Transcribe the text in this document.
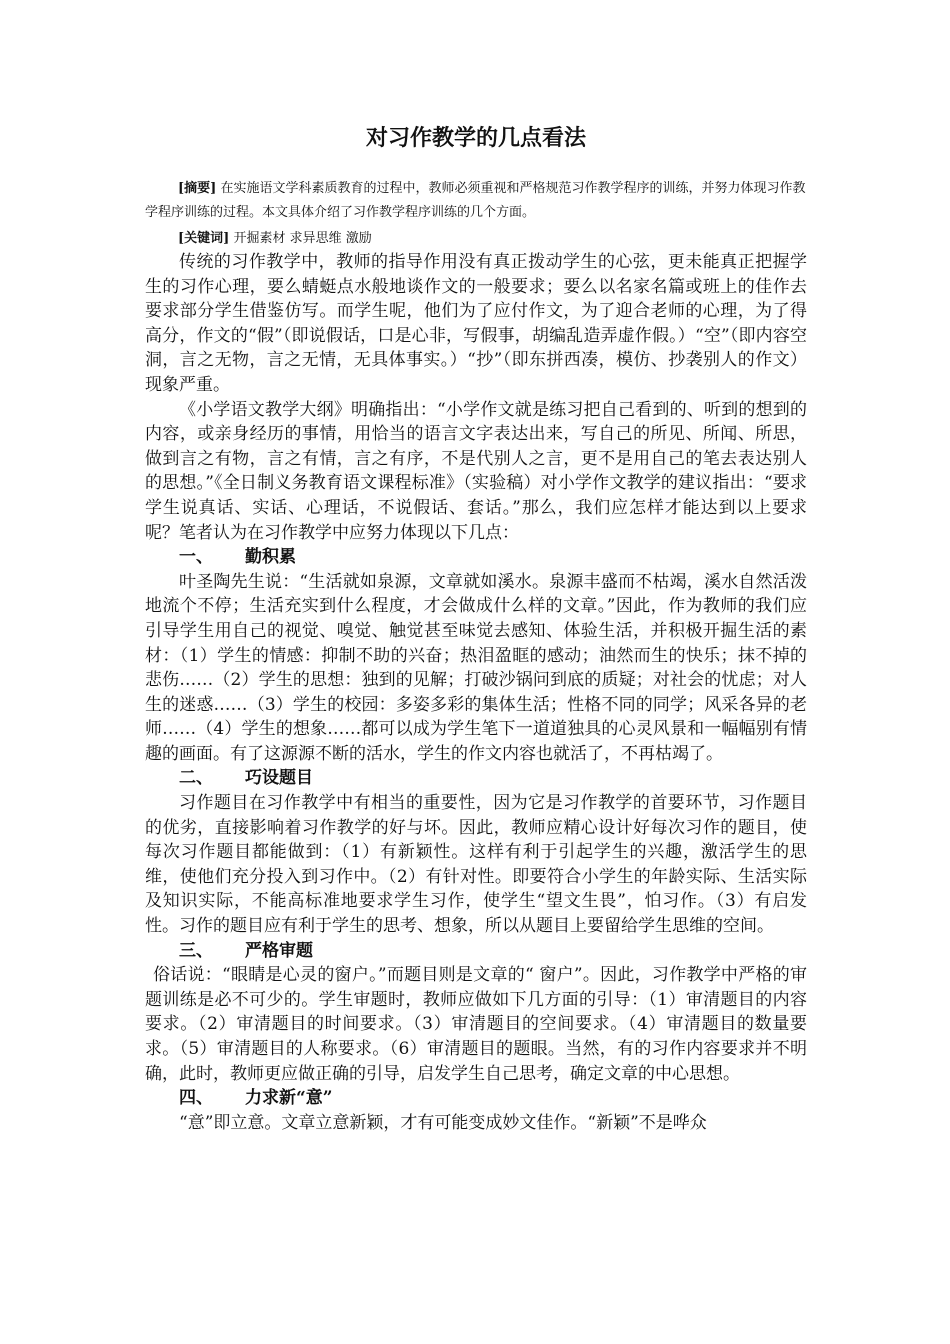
对习作教学的几点看法

[摘要] 在实施语文学科素质教育的过程中，教师必须重视和严格规范习作教学程序的训练，并努力体现习作教学程序训练的过程。本文具体介绍了习作教学程序训练的几个方面。

[关键词] 开掘素材 求异思维 激励

传统的习作教学中，教师的指导作用没有真正拨动学生的心弦，更未能真正把握学生的习作心理，要么蜻蜓点水般地谈作文的一般要求；要么以名家名篇或班上的佳作去要求部分学生借鉴仿写。而学生呢，他们为了应付作文，为了迎合老师的心理，为了得高分，作文的“假”（即说假话，口是心非，写假事，胡编乱造弄虚作假。）“空”（即内容空洞，言之无物，言之无情，无具体事实。）“抄”（即东拼西凑，模仿、抄袭别人的作文）现象严重。

《小学语文教学大纲》明确指出：“小学作文就是练习把自己看到的、听到的想到的内容，或亲身经历的事情，用恰当的语言文字表达出来，写自己的所见、所闻、所思，做到言之有物，言之有情，言之有序，不是代别人之言，更不是用自己的笔去表达别人的思想。”《全日制义务教育语文课程标准》（实验稿）对小学作文教学的建议指出：“要求学生说真话、实话、心理话，不说假话、套话。”那么，我们应怎样才能达到以上要求呢？笔者认为在习作教学中应努力体现以下几点：

一、 勤积累

叶圣陶先生说：“生活就如泉源，文章就如溪水。泉源丰盛而不枯竭，溪水自然活泼地流个不停；生活充实到什么程度，才会做成什么样的文章。”因此，作为教师的我们应引导学生用自己的视觉、嗅觉、触觉甚至味觉去感知、体验生活，并积极开掘生活的素材：（1）学生的情感：抑制不助的兴奋；热泪盈眶的感动；油然而生的快乐；抹不掉的悲伤……（2）学生的思想：独到的见解；打破沙锅问到底的质疑；对社会的忧虑；对人生的迷惑……（3）学生的校园：多姿多彩的集体生活；性格不同的同学；风采各异的老师……（4）学生的想象……都可以成为学生笔下一道道独具的心灵风景和一幅幅别有情趣的画面。有了这源源不断的活水，学生的作文内容也就活了，不再枯竭了。

二、 巧设题目

习作题目在习作教学中有相当的重要性，因为它是习作教学的首要环节，习作题目的优劣，直接影响着习作教学的好与坏。因此，教师应精心设计好每次习作的题目，使每次习作题目都能做到：（1）有新颖性。这样有利于引起学生的兴趣，激活学生的思维，使他们充分投入到习作中。（2）有针对性。即要符合小学生的年龄实际、生活实际及知识实际，不能高标准地要求学生习作，使学生“望文生畏”，怕习作。（3）有启发性。习作的题目应有利于学生的思考、想象，所以从题目上要留给学生思维的空间。

三、 严格审题

俗话说：“眼睛是心灵的窗户。”而题目则是文章的“ 窗户”。因此，习作教学中严格的审题训练是必不可少的。学生审题时，教师应做如下几方面的引导：（1）审清题目的内容要求。（2）审清题目的时间要求。（3）审清题目的空间要求。（4）审清题目的数量要求。（5）审清题目的人称要求。（6）审清题目的题眼。当然，有的习作内容要求并不明确，此时，教师更应做正确的引导，启发学生自己思考，确定文章的中心思想。

四、 力求新“意”

“意”即立意。文章立意新颖，才有可能变成妙文佳作。“新颖”不是哗众
